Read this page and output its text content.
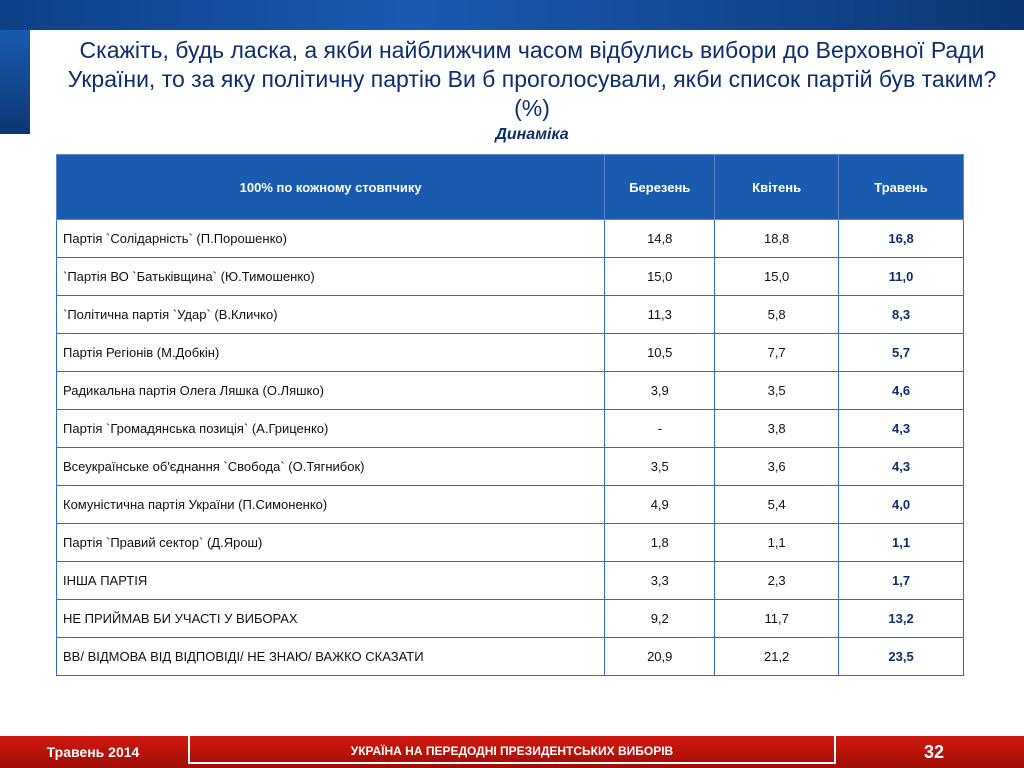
Скажіть, будь ласка, а якби найближчим часом відбулись вибори до Верховної Ради України, то за яку політичну партію Ви б проголосували, якби список партій був таким? (%)
Динаміка
100% по кожному стовпчику	Березень	Квітень	Травень
Партія `Солідарність` (П.Порошенко)	14,8	18,8	16,8
`Партія ВО `Батьківщина` (Ю.Тимошенко)	15,0	15,0	11,0
`Політична партія `Удар` (В.Кличко)	11,3	5,8	8,3
Партія Регіонів (М.Добкін)	10,5	7,7	5,7
Радикальна партія Олега Ляшка (О.Ляшко)	3,9	3,5	4,6
Партія `Громадянська позиція` (А.Гриценко)	-	3,8	4,3
Всеукраїнське об'єднання `Свобода` (О.Тягнибок)	3,5	3,6	4,3
Комуністична партія України (П.Симоненко)	4,9	5,4	4,0
Партія `Правий сектор` (Д.Ярош)	1,8	1,1	1,1
ІНША ПАРТІЯ	3,3	2,3	1,7
НЕ ПРИЙМАВ БИ УЧАСТІ У ВИБОРАХ	9,2	11,7	13,2
ВВ/ ВІДМОВА ВІД ВІДПОВІДІ/ НЕ ЗНАЮ/ ВАЖКО СКАЗАТИ	20,9	21,2	23,5
Травень 2014	УКРАЇНА НА ПЕРЕДОДНІ ПРЕЗИДЕНТСЬКИХ ВИБОРІВ	32
